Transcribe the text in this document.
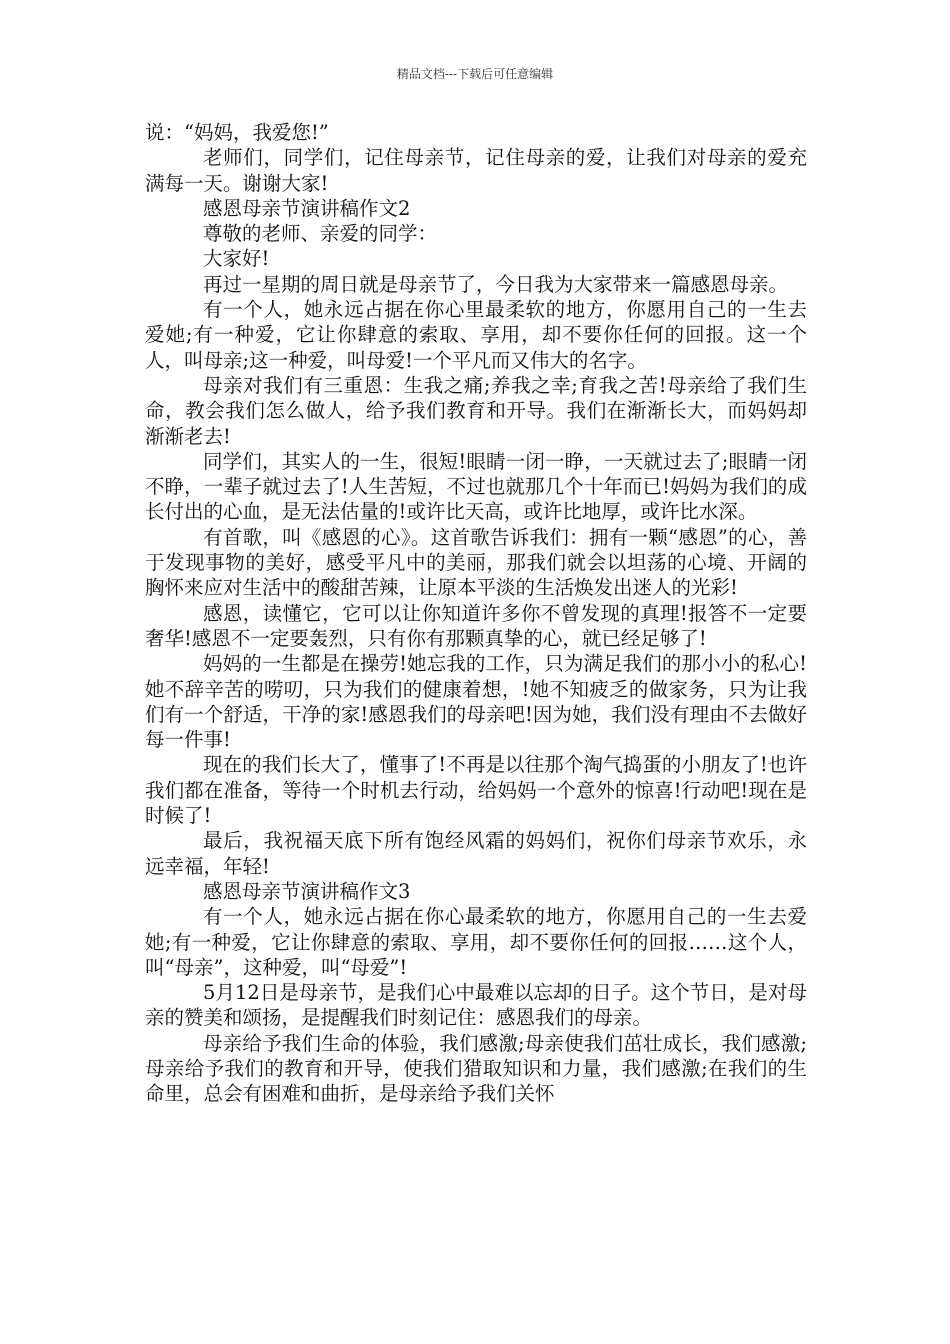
精品文档---下载后可任意编辑

说：“妈妈，我爱您!”

老师们，同学们，记住母亲节，记住母亲的爱，让我们对母亲的爱充满每一天。谢谢大家!

感恩母亲节演讲稿作文2

尊敬的老师、亲爱的同学：

大家好!

再过一星期的周日就是母亲节了，今日我为大家带来一篇感恩母亲。

有一个人，她永远占据在你心里最柔软的地方，你愿用自己的一生去爱她;有一种爱，它让你肆意的索取、享用，却不要你任何的回报。这一个人，叫母亲;这一种爱，叫母爱!一个平凡而又伟大的名字。

母亲对我们有三重恩：生我之痛;养我之幸;育我之苦!母亲给了我们生命，教会我们怎么做人，给予我们教育和开导。我们在渐渐长大，而妈妈却渐渐老去!

同学们，其实人的一生，很短!眼睛一闭一睁，一天就过去了;眼睛一闭不睁，一辈子就过去了!人生苦短，不过也就那几个十年而已!妈妈为我们的成长付出的心血，是无法估量的!或许比天高，或许比地厚，或许比水深。

有首歌，叫《感恩的心》。这首歌告诉我们：拥有一颗“感恩”的心，善于发现事物的美好，感受平凡中的美丽，那我们就会以坦荡的心境、开阔的胸怀来应对生活中的酸甜苦辣，让原本平淡的生活焕发出迷人的光彩!

感恩，读懂它，它可以让你知道许多你不曾发现的真理!报答不一定要奢华!感恩不一定要轰烈，只有你有那颗真挚的心，就已经足够了!

妈妈的一生都是在操劳!她忘我的工作，只为满足我们的那小小的私心!她不辞辛苦的唠叨，只为我们的健康着想，!她不知疲乏的做家务，只为让我们有一个舒适，干净的家!感恩我们的母亲吧!因为她，我们没有理由不去做好每一件事!

现在的我们长大了，懂事了!不再是以往那个淘气捣蛋的小朋友了!也许我们都在准备，等待一个时机去行动，给妈妈一个意外的惊喜!行动吧!现在是时候了!

最后，我祝福天底下所有饱经风霜的妈妈们，祝你们母亲节欢乐，永远幸福，年轻!

感恩母亲节演讲稿作文3

有一个人，她永远占据在你心最柔软的地方，你愿用自己的一生去爱她;有一种爱，它让你肆意的索取、享用，却不要你任何的回报……这个人，叫“母亲”，这种爱，叫“母爱”!

5月12日是母亲节，是我们心中最难以忘却的日子。这个节日，是对母亲的赞美和颂扬，是提醒我们时刻记住：感恩我们的母亲。

母亲给予我们生命的体验，我们感激;母亲使我们茁壮成长，我们感激;母亲给予我们的教育和开导，使我们猎取知识和力量，我们感激;在我们的生命里，总会有困难和曲折，是母亲给予我们关怀
